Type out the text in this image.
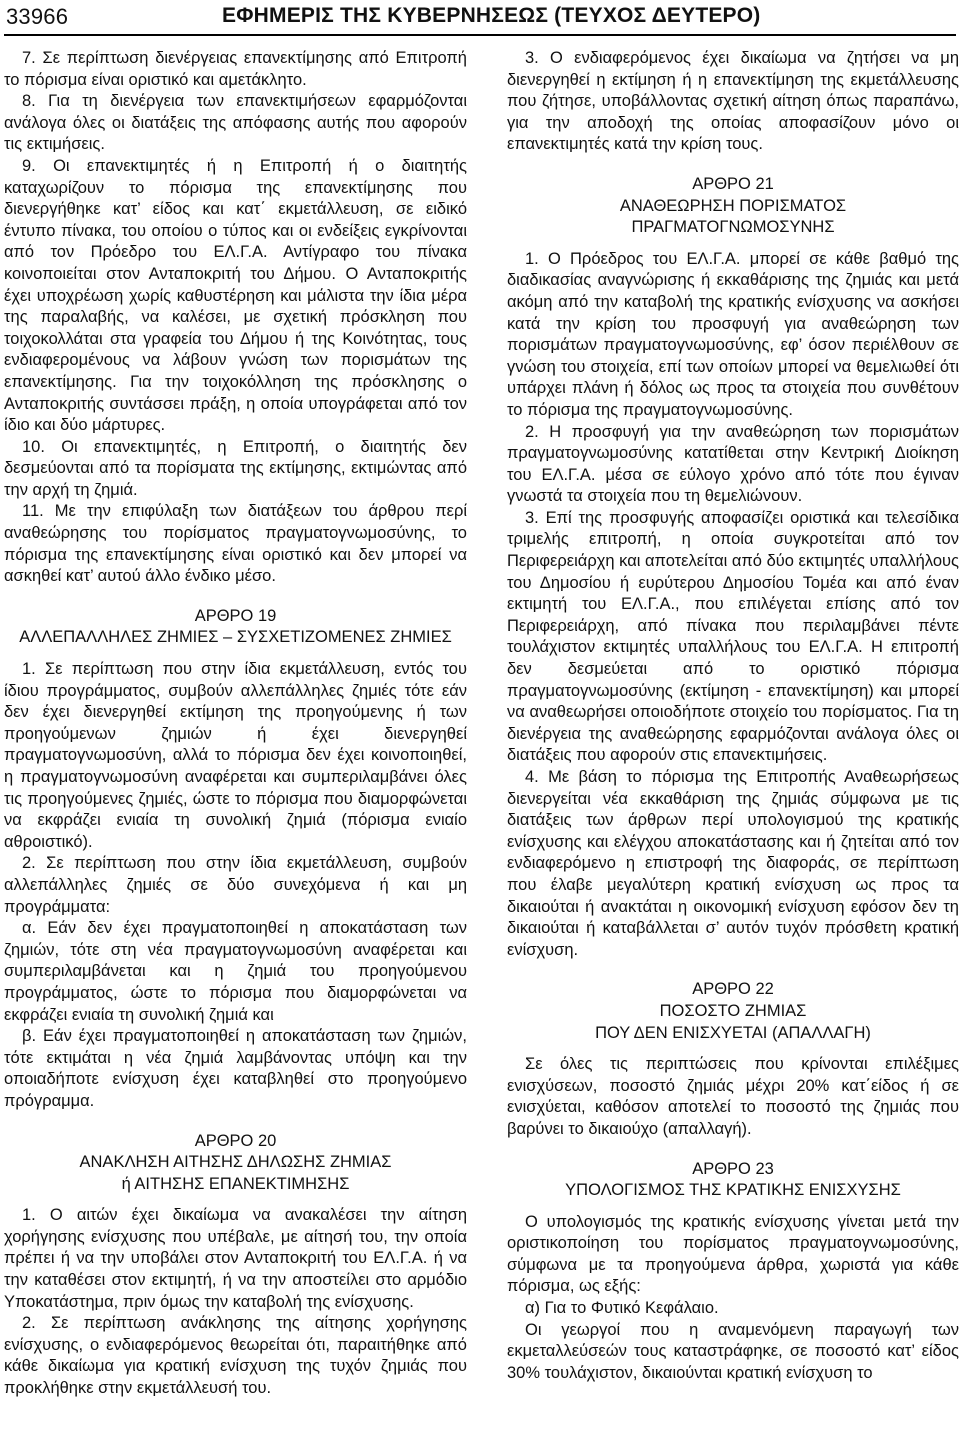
33966	ΕΦΗΜΕΡΙΣ ΤΗΣ ΚΥΒΕΡΝΗΣΕΩΣ (ΤΕΥΧΟΣ ΔΕΥΤΕΡΟ)

7. Σε περίπτωση διενέργειας επανεκτίμησης από Επιτροπή το πόρισμα είναι οριστικό και αμετάκλητο.

8. Για τη διενέργεια των επανεκτιμήσεων εφαρμόζονται ανάλογα όλες οι διατάξεις της απόφασης αυτής που αφορούν τις εκτιμήσεις.

9. Οι επανεκτιμητές ή η Επιτροπή ή ο διαιτητής καταχωρίζουν το πόρισμα της επανεκτίμησης που διενεργήθηκε κατ’ είδος και κατ΄ εκμετάλλευση, σε ειδικό έντυπο πίνακα, του οποίου ο τύπος και οι ενδείξεις εγκρίνονται από τον Πρόεδρο του ΕΛ.Γ.Α. Αντίγραφο του πίνακα κοινοποιείται στον Ανταποκριτή του Δήμου. Ο Ανταποκριτής έχει υποχρέωση χωρίς καθυστέρηση και μάλιστα την ίδια μέρα της παραλαβής, να καλέσει, με σχετική πρόσκληση που τοιχοκολλάται στα γραφεία του Δήμου ή της Κοινότητας, τους ενδιαφερομένους να λάβουν γνώση των πορισμάτων της επανεκτίμησης. Για την τοιχοκόλληση της πρόσκλησης ο Ανταποκριτής συντάσσει πράξη, η οποία υπογράφεται από τον ίδιο και δύο μάρτυρες.

10. Οι επανεκτιμητές, η Επιτροπή, ο διαιτητής δεν δεσμεύονται από τα πορίσματα της εκτίμησης, εκτιμώντας από την αρχή τη ζημιά.

11. Με την επιφύλαξη των διατάξεων του άρθρου περί αναθεώρησης του πορίσματος πραγματογνωμοσύνης, το πόρισμα της επανεκτίμησης είναι οριστικό και δεν μπορεί να ασκηθεί κατ’ αυτού άλλο ένδικο μέσο.

ΑΡΘΡΟ 19
ΑΛΛΕΠΑΛΛΗΛΕΣ ΖΗΜΙΕΣ – ΣΥΣΧΕΤΙΖΟΜΕΝΕΣ ΖΗΜΙΕΣ

1. Σε περίπτωση που στην ίδια εκμετάλλευση, εντός του ίδιου προγράμματος, συμβούν αλλεπάλληλες ζημιές τότε εάν δεν έχει διενεργηθεί εκτίμηση της προηγούμενης ή των προηγούμενων ζημιών ή έχει διενεργηθεί πραγματογνωμοσύνη, αλλά το πόρισμα δεν έχει κοινοποιηθεί, η πραγματογνωμοσύνη αναφέρεται και συμπεριλαμβάνει όλες τις προηγούμενες ζημιές, ώστε το πόρισμα που διαμορφώνεται να εκφράζει ενιαία τη συνολική ζημιά (πόρισμα ενιαίο αθροιστικό).

2. Σε περίπτωση που στην ίδια εκμετάλλευση, συμβούν αλλεπάλληλες ζημιές σε δύο συνεχόμενα ή και μη προγράμματα:

α. Εάν δεν έχει πραγματοποιηθεί η αποκατάσταση των ζημιών, τότε στη νέα πραγματογνωμοσύνη αναφέρεται και συμπεριλαμβάνεται και η ζημιά του προηγούμενου προγράμματος, ώστε το πόρισμα που διαμορφώνεται να εκφράζει ενιαία τη συνολική ζημιά και

β. Εάν έχει πραγματοποιηθεί η αποκατάσταση των ζημιών, τότε εκτιμάται η νέα ζημιά λαμβάνοντας υπόψη και την οποιαδήποτε ενίσχυση έχει καταβληθεί στο προηγούμενο πρόγραμμα.

ΑΡΘΡΟ 20
ΑΝΑΚΛΗΣΗ ΑΙΤΗΣΗΣ ΔΗΛΩΣΗΣ ΖΗΜΙΑΣ
ή ΑΙΤΗΣΗΣ ΕΠΑΝΕΚΤΙΜΗΣΗΣ

1. Ο αιτών έχει δικαίωμα να ανακαλέσει την αίτηση χορήγησης ενίσχυσης που υπέβαλε, με αίτησή του, την οποία πρέπει ή να την υποβάλει στον Ανταποκριτή του ΕΛ.Γ.Α. ή να την καταθέσει στον εκτιμητή, ή να την αποστείλει στο αρμόδιο Υποκατάστημα, πριν όμως την καταβολή της ενίσχυσης.

2. Σε περίπτωση ανάκλησης της αίτησης χορήγησης ενίσχυσης, ο ενδιαφερόμενος θεωρείται ότι, παραιτήθηκε από κάθε δικαίωμα για κρατική ενίσχυση της τυχόν ζημιάς που προκλήθηκε στην εκμετάλλευσή του.

3. Ο ενδιαφερόμενος έχει δικαίωμα να ζητήσει να μη διενεργηθεί η εκτίμηση ή η επανεκτίμηση της εκμετάλλευσης που ζήτησε, υποβάλλοντας σχετική αίτηση όπως παραπάνω, για την αποδοχή της οποίας αποφασίζουν μόνο οι επανεκτιμητές κατά την κρίση τους.

ΑΡΘΡΟ 21
ΑΝΑΘΕΩΡΗΣΗ ΠΟΡΙΣΜΑΤΟΣ
ΠΡΑΓΜΑΤΟΓΝΩΜΟΣΥΝΗΣ

1. Ο Πρόεδρος του ΕΛ.Γ.Α. μπορεί σε κάθε βαθμό της διαδικασίας αναγνώρισης ή εκκαθάρισης της ζημιάς και μετά ακόμη από την καταβολή της κρατικής ενίσχυσης να ασκήσει κατά την κρίση του προσφυγή για αναθεώρηση των πορισμάτων πραγματογνωμοσύνης, εφ’ όσον περιέλθουν σε γνώση του στοιχεία, επί των οποίων μπορεί να θεμελιωθεί ότι υπάρχει πλάνη ή δόλος ως προς τα στοιχεία που συνθέτουν το πόρισμα της πραγματογνωμοσύνης.

2. Η προσφυγή για την αναθεώρηση των πορισμάτων πραγματογνωμοσύνης κατατίθεται στην Κεντρική Διοίκηση του ΕΛ.Γ.Α. μέσα σε εύλογο χρόνο από τότε που έγιναν γνωστά τα στοιχεία που τη θεμελιώνουν.

3. Επί της προσφυγής αποφασίζει οριστικά και τελεσίδικα τριμελής επιτροπή, η οποία συγκροτείται από τον Περιφερειάρχη και αποτελείται από δύο εκτιμητές υπαλλήλους του Δημοσίου ή ευρύτερου Δημοσίου Τομέα και από έναν εκτιμητή του ΕΛ.Γ.Α., που επιλέγεται επίσης από τον Περιφερειάρχη, από πίνακα που περιλαμβάνει πέντε τουλάχιστον εκτιμητές υπαλλήλους του ΕΛ.Γ.Α. Η επιτροπή δεν δεσμεύεται από το οριστικό πόρισμα πραγματογνωμοσύνης (εκτίμηση - επανεκτίμηση) και μπορεί να αναθεωρήσει οποιοδήποτε στοιχείο του πορίσματος. Για τη διενέργεια της αναθεώρησης εφαρμόζονται ανάλογα όλες οι διατάξεις που αφορούν στις επανεκτιμήσεις.

4. Με βάση το πόρισμα της Επιτροπής Αναθεωρήσεως διενεργείται νέα εκκαθάριση της ζημιάς σύμφωνα με τις διατάξεις των άρθρων περί υπολογισμού της κρατικής ενίσχυσης και ελέγχου αποκατάστασης και ή ζητείται από τον ενδιαφερόμενο η επιστροφή της διαφοράς, σε περίπτωση που έλαβε μεγαλύτερη κρατική ενίσχυση ως προς τα δικαιούται ή ανακτάται η οικονομική ενίσχυση εφόσον δεν τη δικαιούται ή καταβάλλεται σ’ αυτόν τυχόν πρόσθετη κρατική ενίσχυση.

ΑΡΘΡΟ 22
ΠΟΣΟΣΤΟ ΖΗΜΙΑΣ
ΠΟΥ ΔΕΝ ΕΝΙΣΧΥΕΤΑΙ (ΑΠΑΛΛΑΓΗ)

Σε όλες τις περιπτώσεις που κρίνονται επιλέξιμες ενισχύσεων, ποσοστό ζημιάς μέχρι 20% κατ΄είδος ή σε ενισχύεται, καθόσον αποτελεί το ποσοστό της ζημιάς που βαρύνει το δικαιούχο (απαλλαγή).

ΑΡΘΡΟ 23
ΥΠΟΛΟΓΙΣΜΟΣ ΤΗΣ ΚΡΑΤΙΚΗΣ ΕΝΙΣΧΥΣΗΣ

Ο υπολογισμός της κρατικής ενίσχυσης γίνεται μετά την οριστικοποίηση του πορίσματος πραγματογνωμοσύνης, σύμφωνα με τα προηγούμενα άρθρα, χωριστά για κάθε πόρισμα, ως εξής:

α) Για το Φυτικό Κεφάλαιο.

Οι γεωργοί που η αναμενόμενη παραγωγή των εκμεταλλεύσεών τους καταστράφηκε, σε ποσοστό κατ’ είδος 30% τουλάχιστον, δικαιούνται κρατική ενίσχυση το
